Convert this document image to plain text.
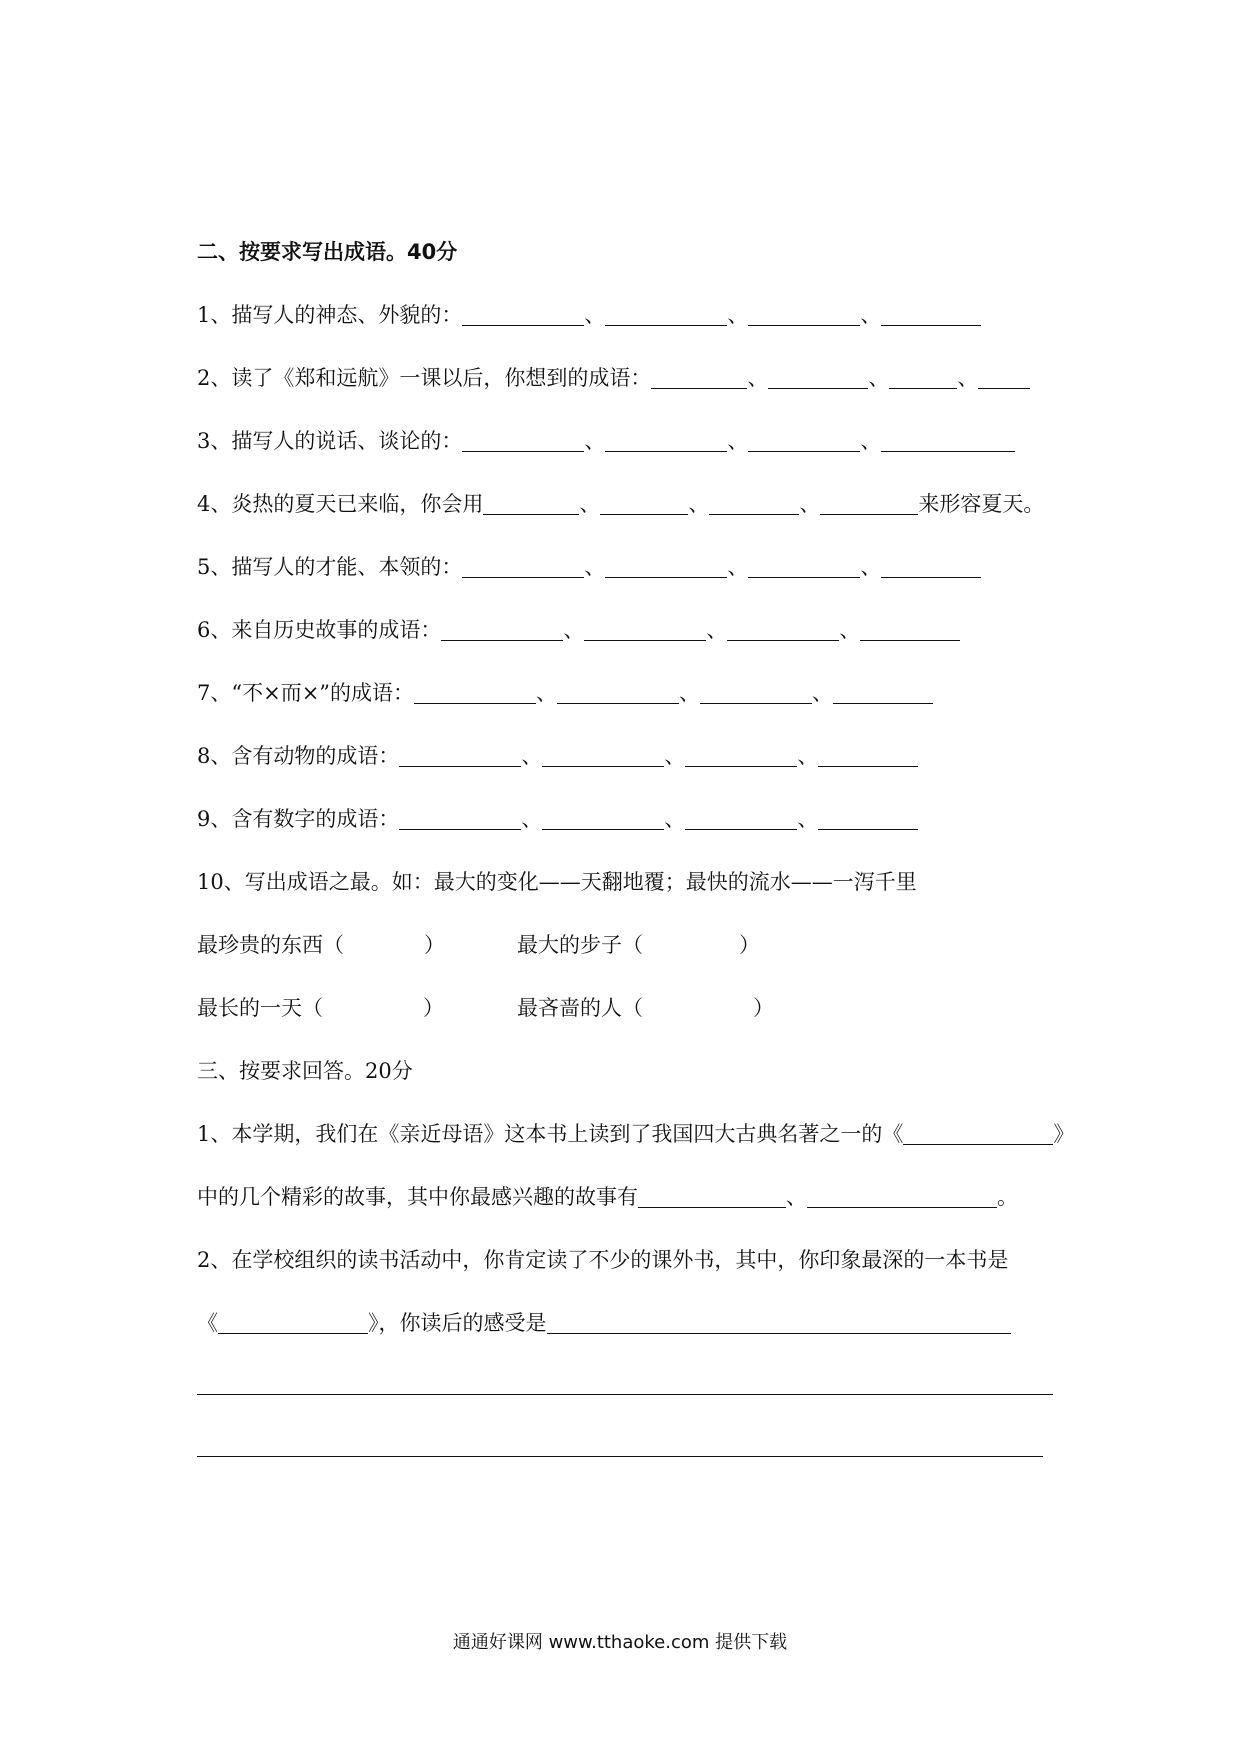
二、按要求写出成语。40分
1、描写人的神态、外貌的：	、	、	、
2、读了《郑和远航》一课以后，你想到的成语：	、	、	、
3、描写人的说话、谈论的：	、	、	、
4、炎热的夏天已来临，你会用	、	、	、	来形容夏天。
5、描写人的才能、本领的：	、	、	、
6、来自历史故事的成语：	、	、	、
7、“不×而×”的成语：	、	、	、
8、含有动物的成语：	、	、	、
9、含有数字的成语：	、	、	、
10、写出成语之最。如：最大的变化——天翻地覆；最快的流水——一泻千里
最珍贵的东西（	）	最大的步子（	）
最长的一天（	）	最吝啬的人（	）
三、按要求回答。20分
1、本学期，我们在《亲近母语》这本书上读到了我国四大古典名著之一的《	》
中的几个精彩的故事，其中你最感兴趣的故事有	、	。
2、在学校组织的读书活动中，你肯定读了不少的课外书，其中，你印象最深的一本书是
《	》，你读后的感受是
通通好课网 www.tthaoke.com 提供下载
